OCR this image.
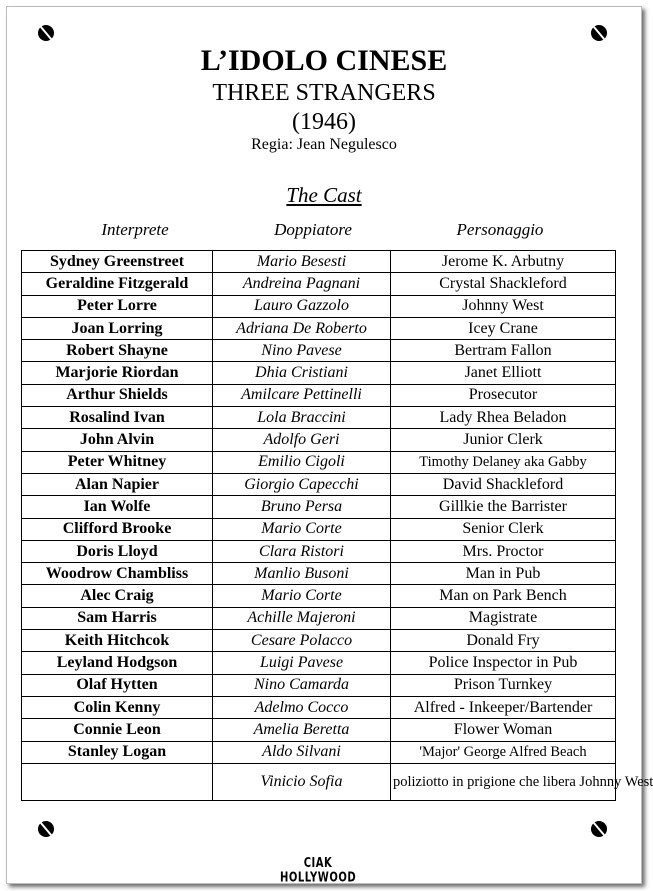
L’IDOLO CINESE
THREE STRANGERS
(1946)
Regia: Jean Negulesco
The Cast
Interprete	Doppiatore	Personaggio
Sydney Greenstreet	Mario Besesti	Jerome K. Arbutny
Geraldine Fitzgerald	Andreina Pagnani	Crystal Shackleford
Peter Lorre	Lauro Gazzolo	Johnny West
Joan Lorring	Adriana De Roberto	Icey Crane
Robert Shayne	Nino Pavese	Bertram Fallon
Marjorie Riordan	Dhia Cristiani	Janet Elliott
Arthur Shields	Amilcare Pettinelli	Prosecutor
Rosalind Ivan	Lola Braccini	Lady Rhea Beladon
John Alvin	Adolfo Geri	Junior Clerk
Peter Whitney	Emilio Cigoli	Timothy Delaney aka Gabby
Alan Napier	Giorgio Capecchi	David Shackleford
Ian Wolfe	Bruno Persa	Gillkie the Barrister
Clifford Brooke	Mario Corte	Senior Clerk
Doris Lloyd	Clara Ristori	Mrs. Proctor
Woodrow Chambliss	Manlio Busoni	Man in Pub
Alec Craig	Mario Corte	Man on Park Bench
Sam Harris	Achille Majeroni	Magistrate
Keith Hitchcok	Cesare Polacco	Donald Fry
Leyland Hodgson	Luigi Pavese	Police Inspector in Pub
Olaf Hytten	Nino Camarda	Prison Turnkey
Colin Kenny	Adelmo Cocco	Alfred - Inkeeper/Bartender
Connie Leon	Amelia Beretta	Flower Woman
Stanley Logan	Aldo Silvani	'Major' George Alfred Beach
	Vinicio Sofia	poliziotto in prigione che libera Johnny West
CIAK HOLLYWOOD
